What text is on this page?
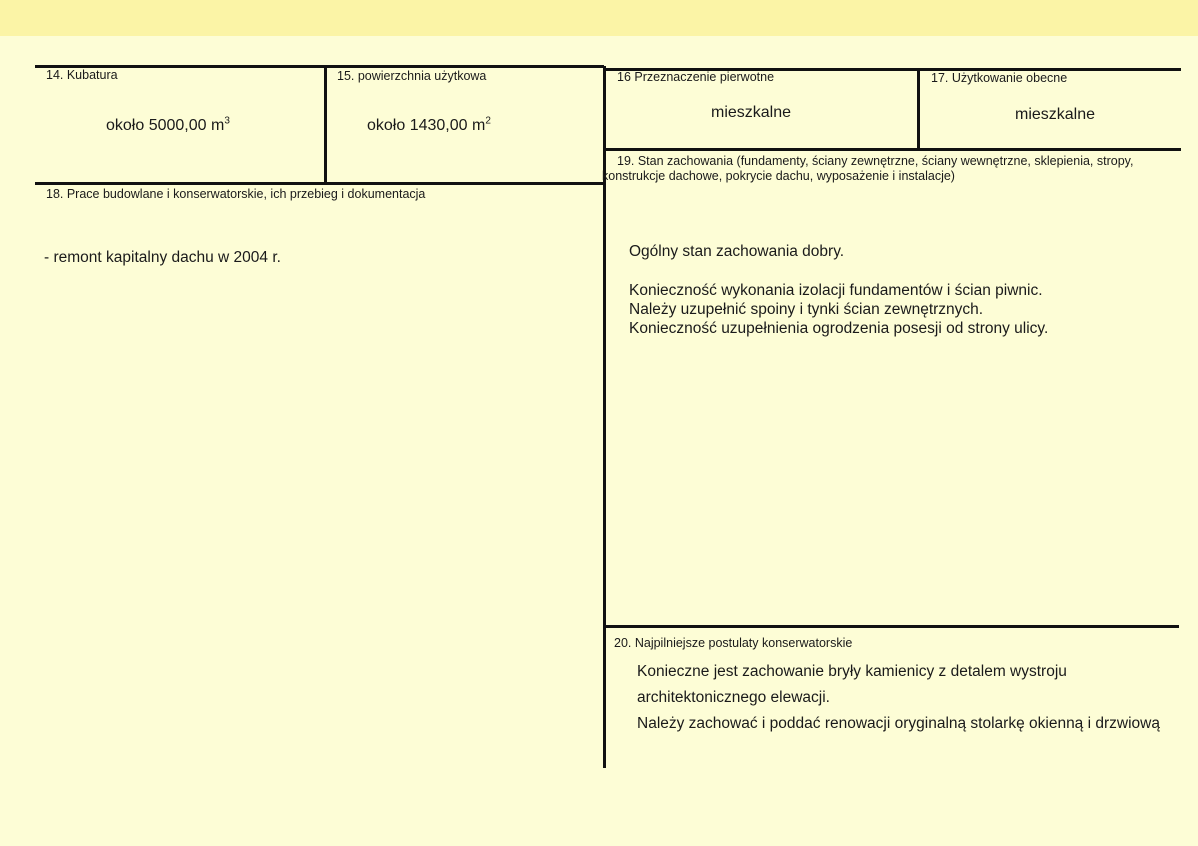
14. Kubatura
około 5000,00 $m^3$
15. powierzchnia użytkowa
około 1430,00 $m^2$
16 Przeznaczenie pierwotne
mieszkalne
17. Użytkowanie obecne
mieszkalne
18. Prace budowlane i konserwatorskie, ich przebieg i dokumentacja

- remont kapitalny dachu w 2004 r.

19. Stan zachowania (fundamenty, ściany zewnętrzne, ściany wewnętrzne, sklepienia, stropy,
konstrukcje dachowe, pokrycie dachu, wyposażenie i instalacje)

Ogólny stan zachowania dobry.

Konieczność wykonania izolacji fundamentów i ścian piwnic.

Należy uzupełnić spoiny i tynki ścian zewnętrznych.

Konieczność uzupełnienia ogrodzenia posesji od strony ulicy.

20. Najpilniejsze postulaty konserwatorskie

Konieczne jest zachowanie bryły kamienicy z detalem wystroju

architektonicznego elewacji.

Należy zachować i poddać renowacji oryginalną stolarkę okienną i drzwiową
